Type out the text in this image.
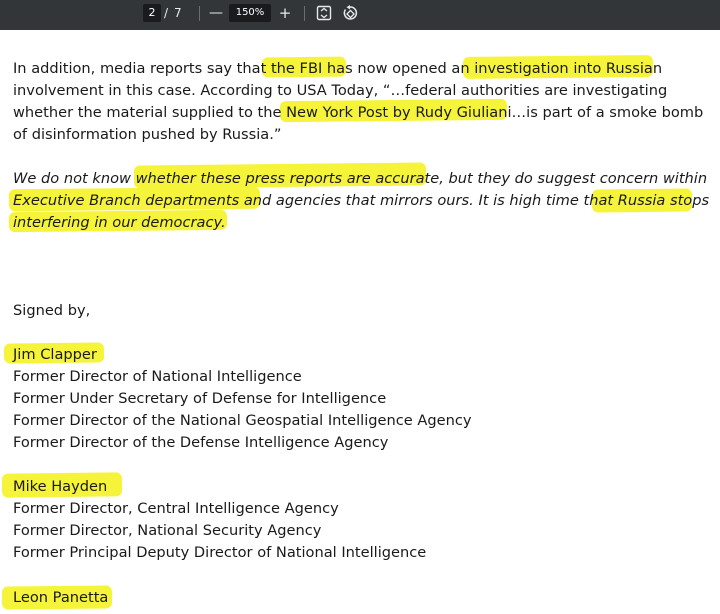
2 / 7 —	150% +
In addition, media reports say that the FBI has now opened an investigation into Russian
involvement in this case. According to USA Today, “…federal authorities are investigating
whether the material supplied to the New York Post by Rudy Giuliani…is part of a smoke bomb
of disinformation pushed by Russia.”
We do not know whether these press reports are accurate, but they do suggest concern within
Executive Branch departments and agencies that mirrors ours. It is high time that Russia stops
interfering in our democracy.
Signed by,
Jim Clapper
Former Director of National Intelligence
Former Under Secretary of Defense for Intelligence
Former Director of the National Geospatial Intelligence Agency
Former Director of the Defense Intelligence Agency
Mike Hayden
Former Director, Central Intelligence Agency
Former Director, National Security Agency
Former Principal Deputy Director of National Intelligence
Leon Panetta
